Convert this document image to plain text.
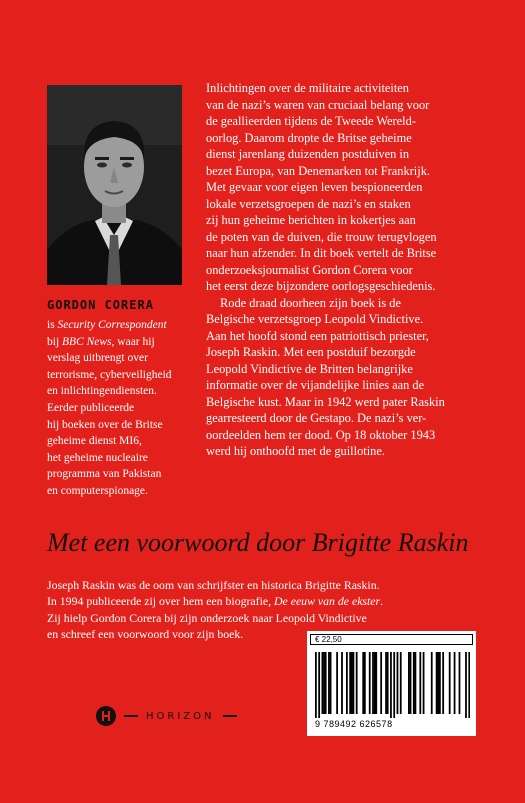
GORDON CORERA
is Security Correspondent
bij BBC News, waar hij
verslag uitbrengt over
terrorisme, cyberveiligheid
en inlichtingendiensten.
Eerder publiceerde
hij boeken over de Britse
geheime dienst MI6,
het geheime nucleaire
programma van Pakistan
en computerspionage.
Inlichtingen over de militaire activiteiten
van de nazi’s waren van cruciaal belang voor
de geallieerden tijdens de Tweede Wereld-
oorlog. Daarom dropte de Britse geheime
dienst jarenlang duizenden postduiven in
bezet Europa, van Denemarken tot Frankrijk.
Met gevaar voor eigen leven bespioneerden
lokale verzetsgroepen de nazi’s en staken
zij hun geheime berichten in kokertjes aan
de poten van de duiven, die trouw terugvlogen
naar hun afzender. In dit boek vertelt de Britse
onderzoeksjournalist Gordon Corera voor
het eerst deze bijzondere oorlogsgeschiedenis.
Rode draad doorheen zijn boek is de
Belgische verzetsgroep Leopold Vindictive.
Aan het hoofd stond een patriottisch priester,
Joseph Raskin. Met een postduif bezorgde
Leopold Vindictive de Britten belangrijke
informatie over de vijandelijke linies aan de
Belgische kust. Maar in 1942 werd pater Raskin
gearresteerd door de Gestapo. De nazi’s ver-
oordeelden hem ter dood. Op 18 oktober 1943
werd hij onthoofd met de guillotine.
Met een voorwoord door Brigitte Raskin
Joseph Raskin was de oom van schrijfster en historica Brigitte Raskin.
In 1994 publiceerde zij over hem een biografie, De eeuw van de ekster.
Zij hielp Gordon Corera bij zijn onderzoek naar Leopold Vindictive
en schreef een voorwoord voor zijn boek.
HORIZON
€ 22,50
9 789492 626578
